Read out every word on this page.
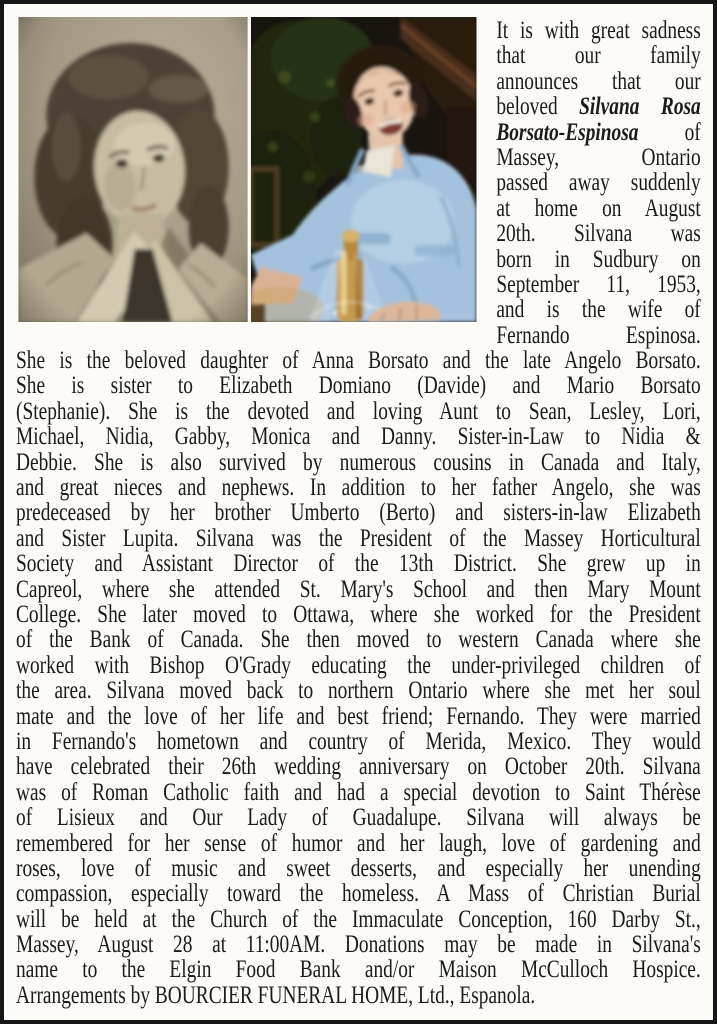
It is with great sadness
that our family
announces that our
beloved Silvana Rosa
Borsato-Espinosa of
Massey, Ontario
passed away suddenly
at home on August
20th. Silvana was
born in Sudbury on
September 11, 1953,
and is the wife of
Fernando Espinosa.
She is the beloved daughter of Anna Borsato and the late Angelo Borsato.
She is sister to Elizabeth Domiano (Davide) and Mario Borsato
(Stephanie). She is the devoted and loving Aunt to Sean, Lesley, Lori,
Michael, Nidia, Gabby, Monica and Danny. Sister-in-Law to Nidia &
Debbie. She is also survived by numerous cousins in Canada and Italy,
and great nieces and nephews. In addition to her father Angelo, she was
predeceased by her brother Umberto (Berto) and sisters-in-law Elizabeth
and Sister Lupita. Silvana was the President of the Massey Horticultural
Society and Assistant Director of the 13th District. She grew up in
Capreol, where she attended St. Mary's School and then Mary Mount
College. She later moved to Ottawa, where she worked for the President
of the Bank of Canada. She then moved to western Canada where she
worked with Bishop O'Grady educating the under-privileged children of
the area. Silvana moved back to northern Ontario where she met her soul
mate and the love of her life and best friend; Fernando. They were married
in Fernando's hometown and country of Merida, Mexico. They would
have celebrated their 26th wedding anniversary on October 20th. Silvana
was of Roman Catholic faith and had a special devotion to Saint Thérèse
of Lisieux and Our Lady of Guadalupe. Silvana will always be
remembered for her sense of humor and her laugh, love of gardening and
roses, love of music and sweet desserts, and especially her unending
compassion, especially toward the homeless. A Mass of Christian Burial
will be held at the Church of the Immaculate Conception, 160 Darby St.,
Massey, August 28 at 11:00AM. Donations may be made in Silvana's
name to the Elgin Food Bank and/or Maison McCulloch Hospice.
Arrangements by BOURCIER FUNERAL HOME, Ltd., Espanola.
